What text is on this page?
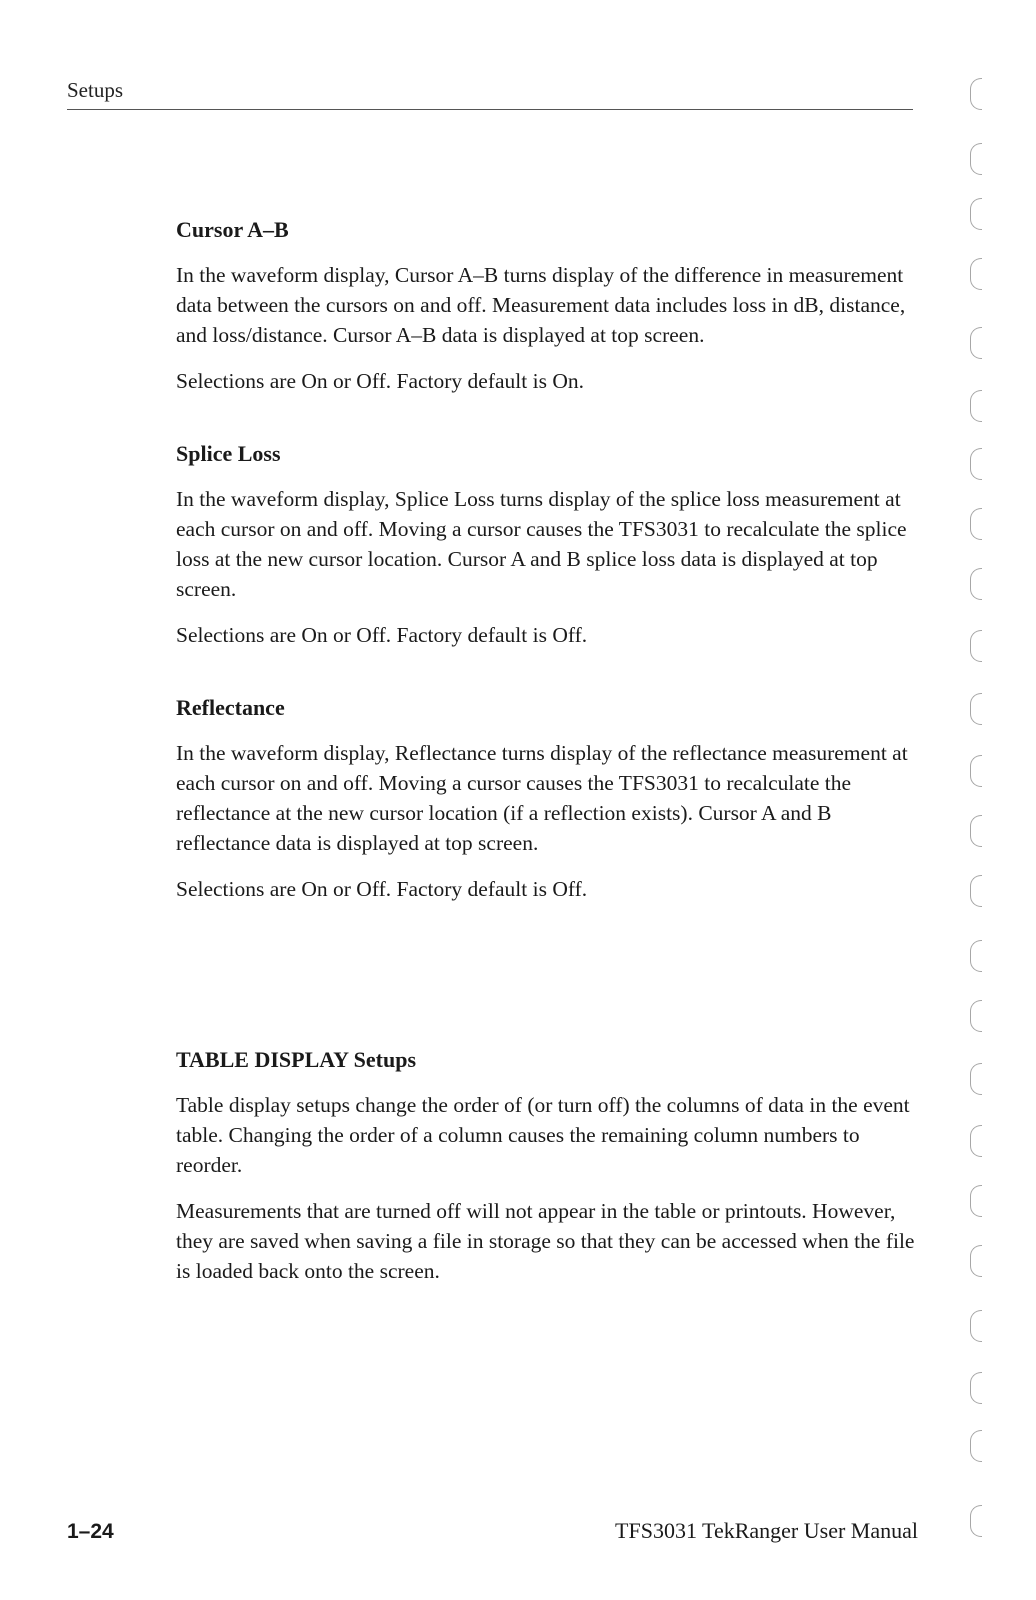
Setups
Cursor A–B

In the waveform display, Cursor A–B turns display of the difference in measurement data between the cursors on and off. Measurement data includes loss in dB, distance, and loss/distance. Cursor A–B data is displayed at top screen.

Selections are On or Off. Factory default is On.

Splice Loss

In the waveform display, Splice Loss turns display of the splice loss measurement at each cursor on and off. Moving a cursor causes the TFS3031 to recalculate the splice loss at the new cursor location. Cursor A and B splice loss data is displayed at top screen.

Selections are On or Off. Factory default is Off.

Reflectance

In the waveform display, Reflectance turns display of the reflectance measurement at each cursor on and off. Moving a cursor causes the TFS3031 to recalculate the reflectance at the new cursor location (if a reflection exists). Cursor A and B reflectance data is displayed at top screen.

Selections are On or Off. Factory default is Off.

TABLE DISPLAY Setups

Table display setups change the order of (or turn off) the columns of data in the event table. Changing the order of a column causes the remaining column numbers to reorder.

Measurements that are turned off will not appear in the table or printouts. However, they are saved when saving a file in storage so that they can be accessed when the file is loaded back onto the screen.

1–24	TFS3031 TekRanger User Manual
